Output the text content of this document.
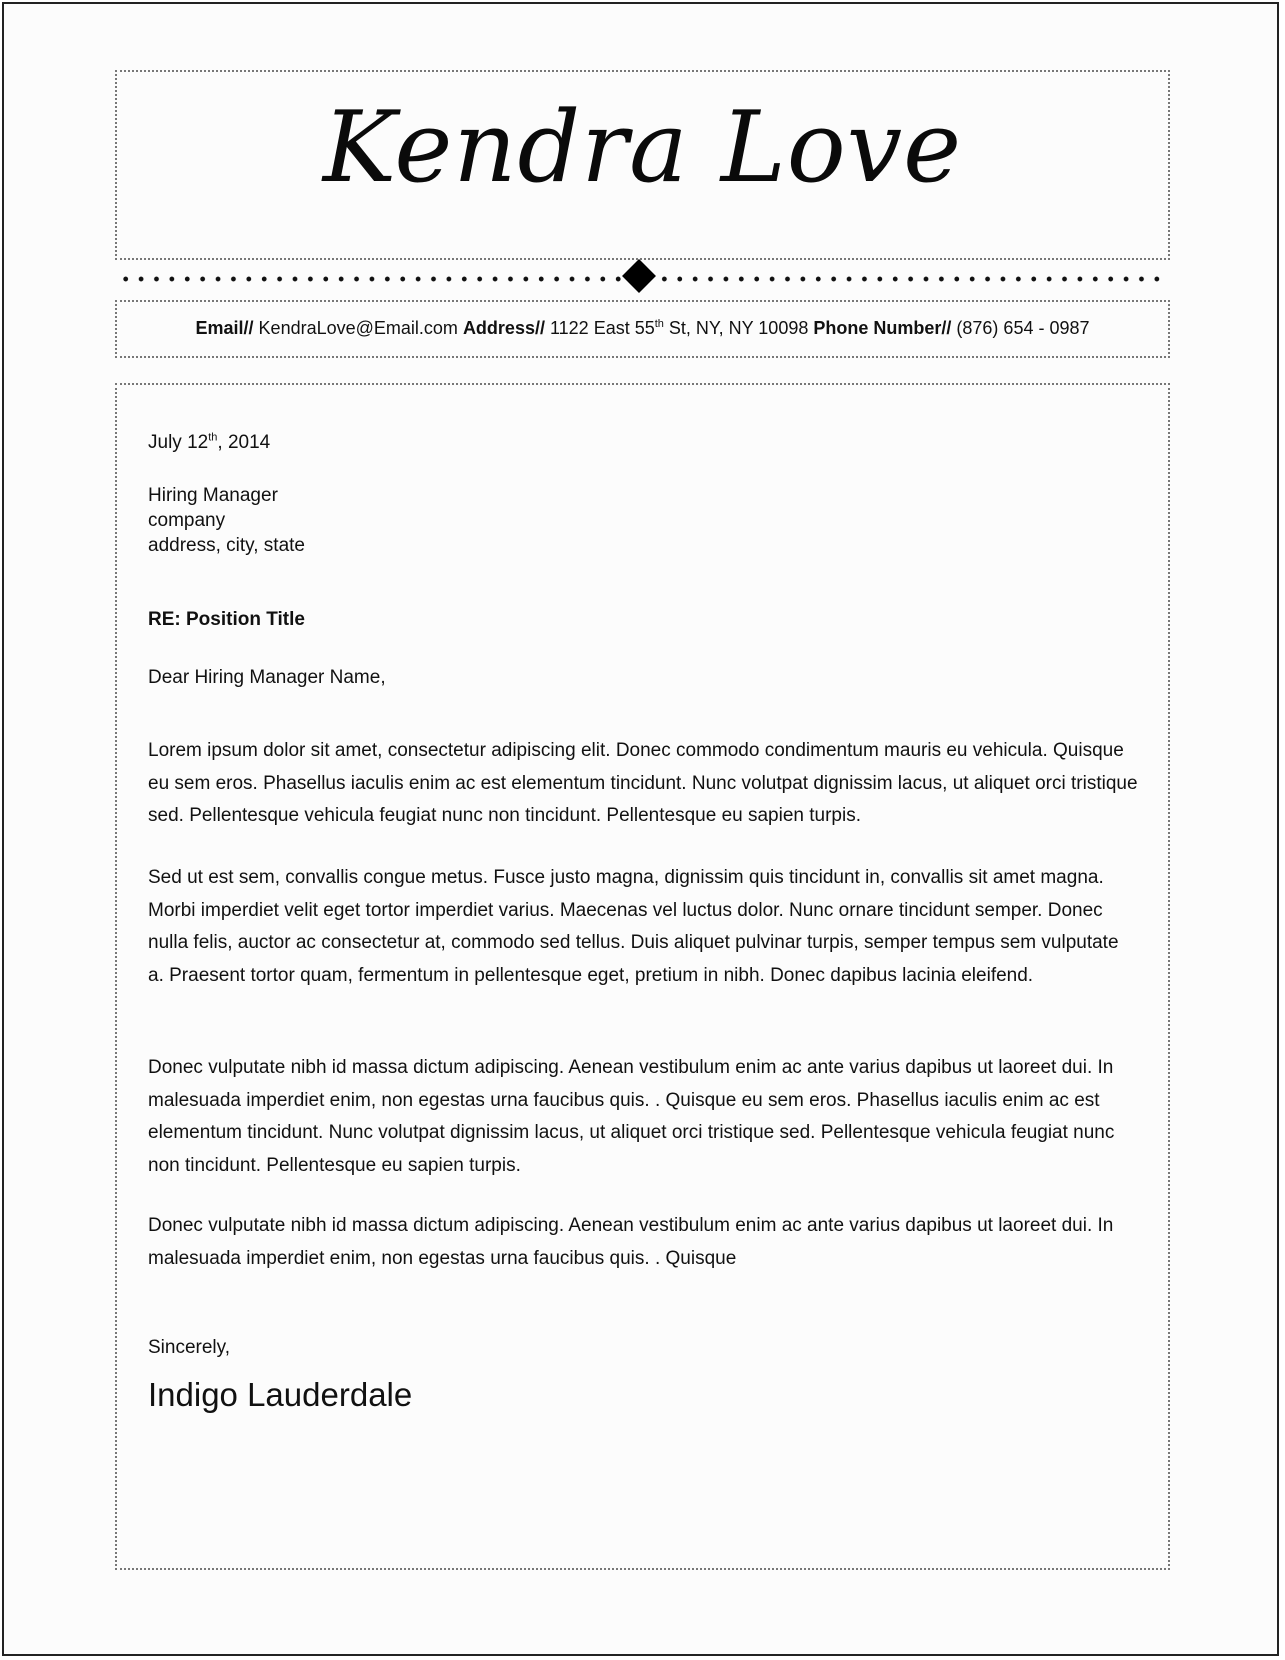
Kendra Love
Email// KendraLove@Email.com Address// 1122 East 55th St, NY, NY 10098 Phone Number// (876) 654 - 0987
July 12th, 2014
Hiring Manager
company
address, city, state
RE: Position Title
Dear Hiring Manager Name,

Lorem ipsum dolor sit amet, consectetur adipiscing elit. Donec commodo condimentum mauris eu vehicula. Quisque eu sem eros. Phasellus iaculis enim ac est elementum tincidunt. Nunc volutpat dignissim lacus, ut aliquet orci tristique sed. Pellentesque vehicula feugiat nunc non tincidunt. Pellentesque eu sapien turpis.

Sed ut est sem, convallis congue metus. Fusce justo magna, dignissim quis tincidunt in, convallis sit amet magna. Morbi imperdiet velit eget tortor imperdiet varius. Maecenas vel luctus dolor. Nunc ornare tincidunt semper. Donec nulla felis, auctor ac consectetur at, commodo sed tellus. Duis aliquet pulvinar turpis, semper tempus sem vulputate a. Praesent tortor quam, fermentum in pellentesque eget, pretium in nibh. Donec dapibus lacinia eleifend.

Donec vulputate nibh id massa dictum adipiscing. Aenean vestibulum enim ac ante varius dapibus ut laoreet dui. In malesuada imperdiet enim, non egestas urna faucibus quis. . Quisque eu sem eros. Phasellus iaculis enim ac est elementum tincidunt. Nunc volutpat dignissim lacus, ut aliquet orci tristique sed. Pellentesque vehicula feugiat nunc non tincidunt. Pellentesque eu sapien turpis.

Donec vulputate nibh id massa dictum adipiscing. Aenean vestibulum enim ac ante varius dapibus ut laoreet dui. In malesuada imperdiet enim, non egestas urna faucibus quis. . Quisque

Sincerely,
Indigo Lauderdale
